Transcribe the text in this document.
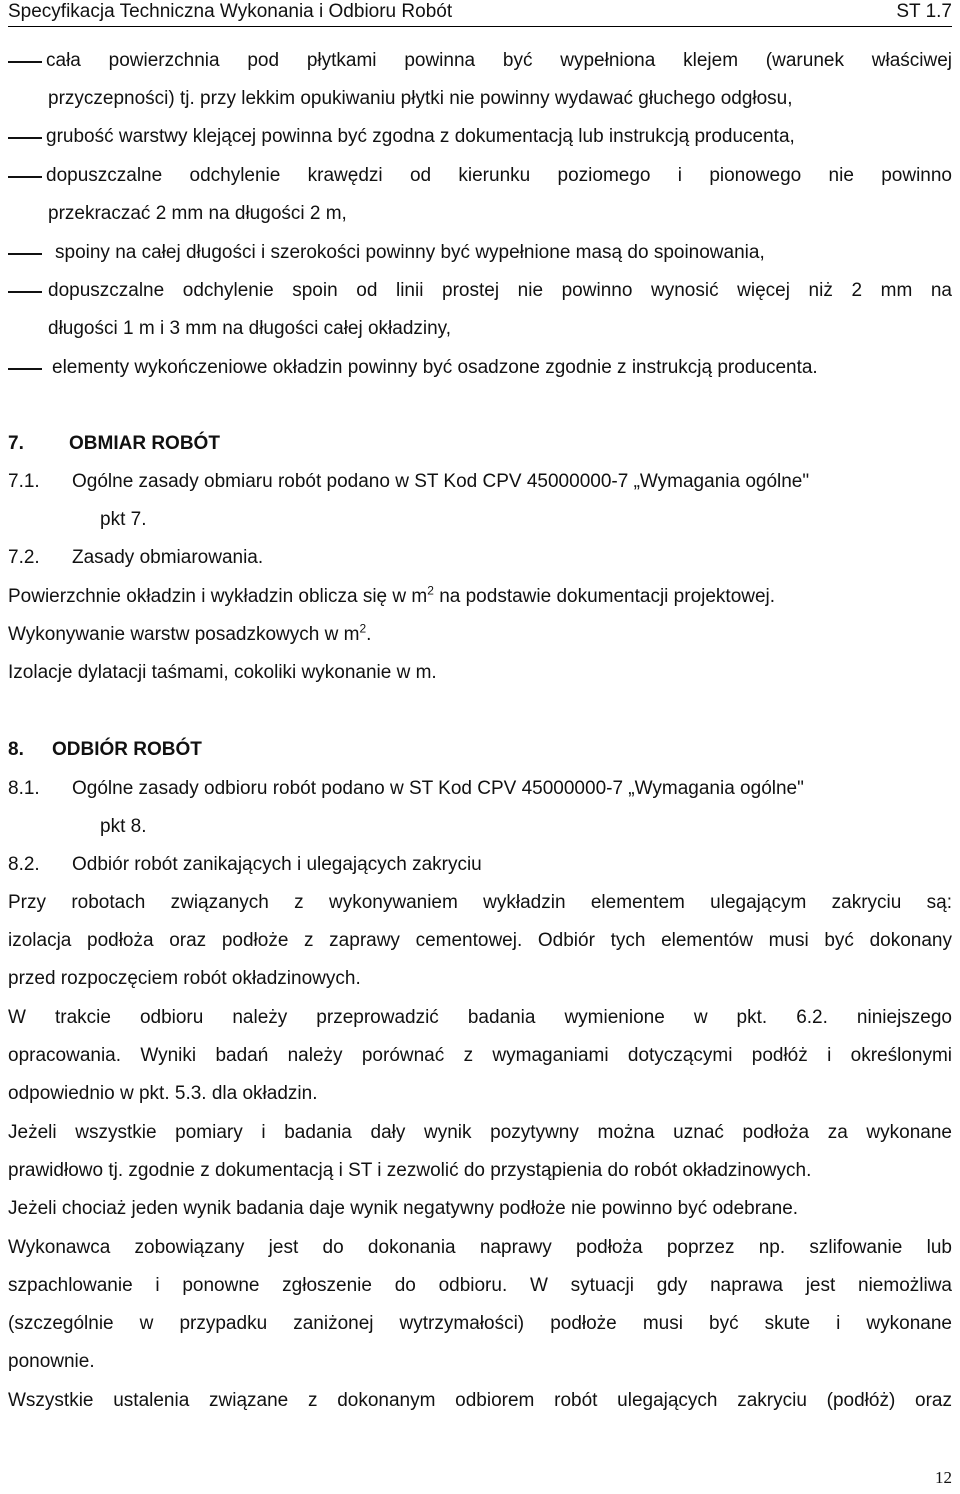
Specyfikacja Techniczna Wykonania i Odbioru Robót	ST 1.7
cała powierzchnia pod płytkami powinna być wypełniona klejem (warunek właściwej
przyczepności) tj. przy lekkim opukiwaniu płytki nie powinny wydawać głuchego odgłosu,
grubość warstwy klejącej powinna być zgodna z dokumentacją lub instrukcją producenta,
dopuszczalne odchylenie krawędzi od kierunku poziomego i pionowego nie powinno
przekraczać 2 mm na długości 2 m,
spoiny na całej długości i szerokości powinny być wypełnione masą do spoinowania,
dopuszczalne odchylenie spoin od linii prostej nie powinno wynosić więcej niż 2 mm na
długości 1 m i 3 mm na długości całej okładziny,
elementy wykończeniowe okładzin powinny być osadzone zgodnie z instrukcją producenta.
7. OBMIAR ROBÓT
7.1. Ogólne zasady obmiaru robót podano w ST Kod CPV 45000000-7 „Wymagania ogólne"
pkt 7.
7.2. Zasady obmiarowania.
Powierzchnie okładzin i wykładzin oblicza się w $m^2$ na podstawie dokumentacji projektowej.
Wykonywanie warstw posadzkowych w $m^2$.
Izolacje dylatacji taśmami, cokoliki wykonanie w m.
8. ODBIÓR ROBÓT
8.1. Ogólne zasady odbioru robót podano w ST Kod CPV 45000000-7 „Wymagania ogólne"
pkt 8.
8.2. Odbiór robót zanikających i ulegających zakryciu
Przy robotach związanych z wykonywaniem wykładzin elementem ulegającym zakryciu są:
izolacja podłoża oraz podłoże z zaprawy cementowej. Odbiór tych elementów musi być dokonany
przed rozpoczęciem robót okładzinowych.
W trakcie odbioru należy przeprowadzić badania wymienione w pkt. 6.2. niniejszego
opracowania. Wyniki badań należy porównać z wymaganiami dotyczącymi podłóż i określonymi
odpowiednio w pkt. 5.3. dla okładzin.
Jeżeli wszystkie pomiary i badania dały wynik pozytywny można uznać podłoża za wykonane
prawidłowo tj. zgodnie z dokumentacją i ST i zezwolić do przystąpienia do robót okładzinowych.
Jeżeli chociaż jeden wynik badania daje wynik negatywny podłoże nie powinno być odebrane.
Wykonawca zobowiązany jest do dokonania naprawy podłoża poprzez np. szlifowanie lub
szpachlowanie i ponowne zgłoszenie do odbioru. W sytuacji gdy naprawa jest niemożliwa
(szczególnie w przypadku zaniżonej wytrzymałości) podłoże musi być skute i wykonane
ponownie.
Wszystkie ustalenia związane z dokonanym odbiorem robót ulegających zakryciu (podłóż) oraz
12
